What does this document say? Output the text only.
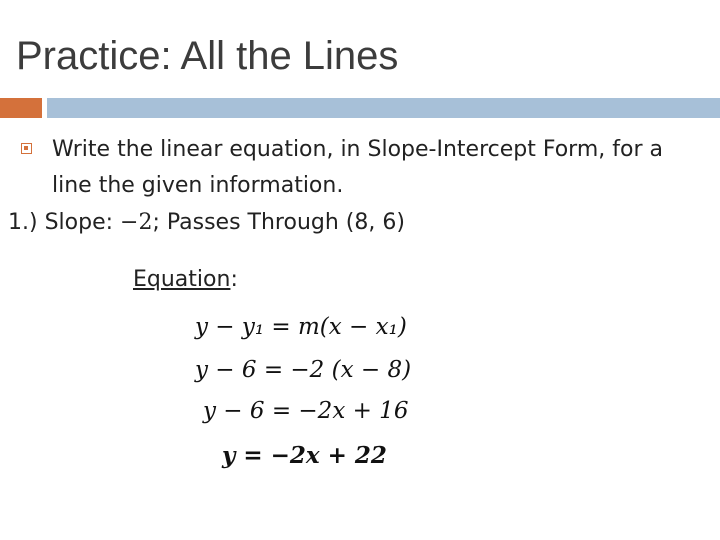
Practice: All the Lines
Write the linear equation, in Slope-Intercept Form, for a line the given information.
1.) Slope: −2; Passes Through (8, 6)
Equation:
y − y₁ = m(x − x₁)
y − 6 = −2 (x − 8)
y − 6 = −2x + 16
y = −2x + 22
